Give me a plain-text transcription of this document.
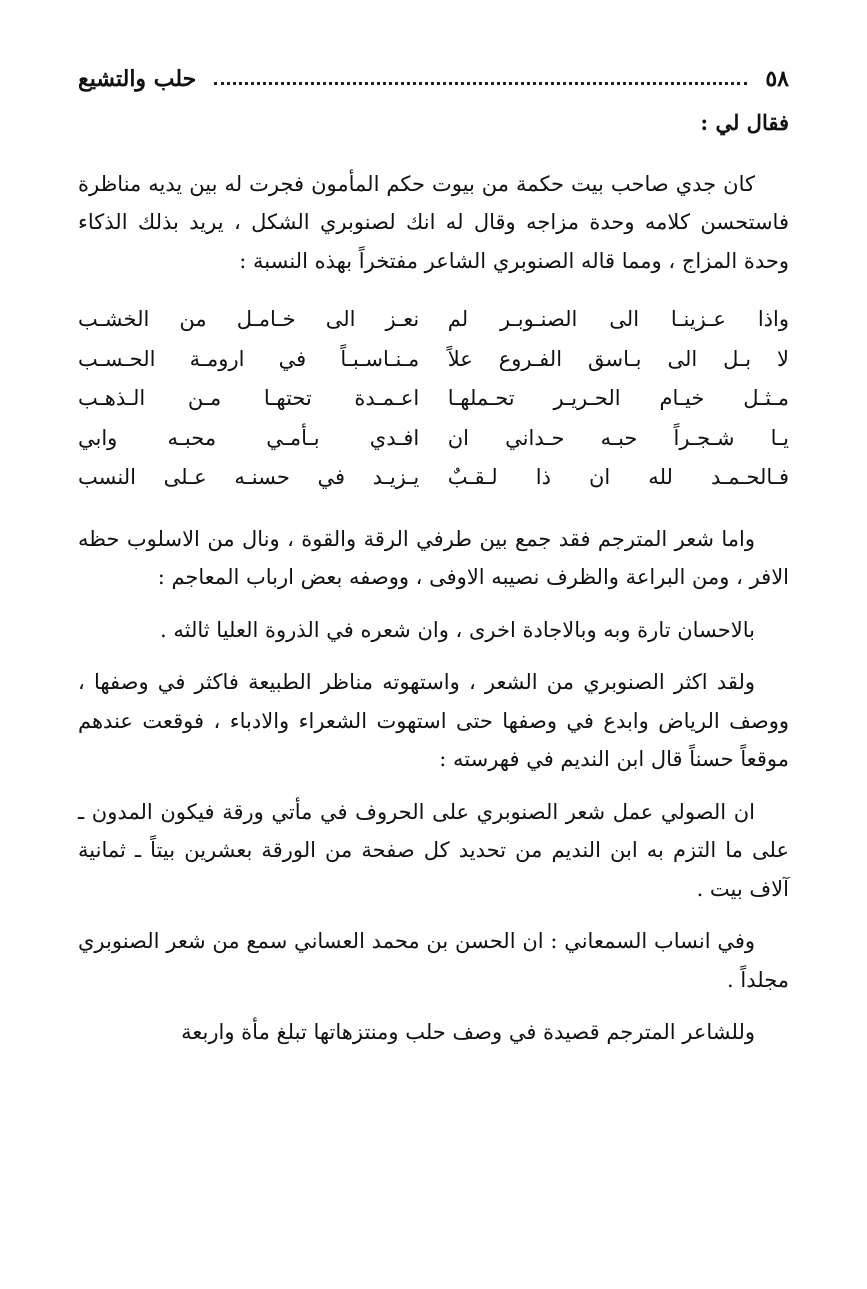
٥٨
حلب والتشيع

فقال لي :

كان جدي صاحب بيت حكمة من بيوت حكم المأمون فجرت له بين يديه مناظرة فاستحسن كلامه وحدة مزاجه وقال له انك لصنوبري الشكل ، يريد بذلك الذكاء وحدة المزاج ، ومما قاله الصنوبري الشاعر مفتخراً بهذه النسبة :

واذا عـزينـا الى الصنـوبـر لم
نعـز الى خـامـل من الخشـب
لا بـل الى بـاسق الفـروع علاً
مـنـاسـبـاً في ارومـة الحـسـب
مـثـل خيـام الحـريـر تحـملهـا
اعـمـدة تحتهـا مـن الـذهـب
يـا شـجـراً حبـه حـداني ان
افـدي بـأمـي محبـه وابي
فـالحـمـد لله ان ذا لـقـبٌ
يـزيـد في حسنـه عـلى النسب

واما شعر المترجم فقد جمع بين طرفي الرقة والقوة ، ونال من الاسلوب حظه الافر ، ومن البراعة والظرف نصيبه الاوفى ، ووصفه بعض ارباب المعاجم :

بالاحسان تارة وبه وبالاجادة اخرى ، وان شعره في الذروة العليا ثالثه .

ولقد اكثر الصنوبري من الشعر ، واستهوته مناظر الطبيعة فاكثر في وصفها ، ووصف الرياض وابدع في وصفها حتى استهوت الشعراء والادباء ، فوقعت عندهم موقعاً حسناً قال ابن النديم في فهرسته :

ان الصولي عمل شعر الصنوبري على الحروف في مأتي ورقة فيكون المدون ـ على ما التزم به ابن النديم من تحديد كل صفحة من الورقة بعشرين بيتاً ـ ثمانية آلاف بيت .

وفي انساب السمعاني : ان الحسن بن محمد العساني سمع من شعر الصنوبري مجلداً .

وللشاعر المترجم قصيدة في وصف حلب ومنتزهاتها تبلغ مأة واربعة
